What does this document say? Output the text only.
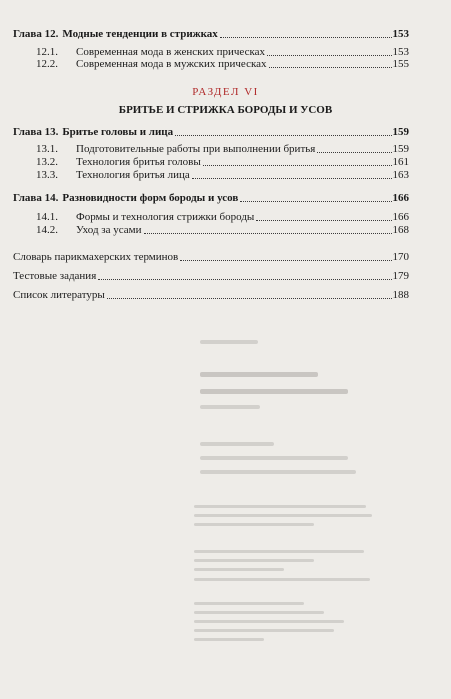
Глава 12. Модные тенденции в стрижках	153
12.1. Современная мода в женских прическах	153
12.2. Современная мода в мужских прическах	155
РАЗДЕЛ VI
БРИТЬЕ И СТРИЖКА БОРОДЫ И УСОВ
Глава 13. Бритье головы и лица	159
13.1. Подготовительные работы при выполнении бритья	159
13.2. Технология бритья головы	161
13.3. Технология бритья лица	163
Глава 14. Разновидности форм бороды и усов	166
14.1. Формы и технология стрижки бороды	166
14.2. Уход за усами	168
Словарь парикмахерских терминов	170
Тестовые задания	179
Список литературы	188
